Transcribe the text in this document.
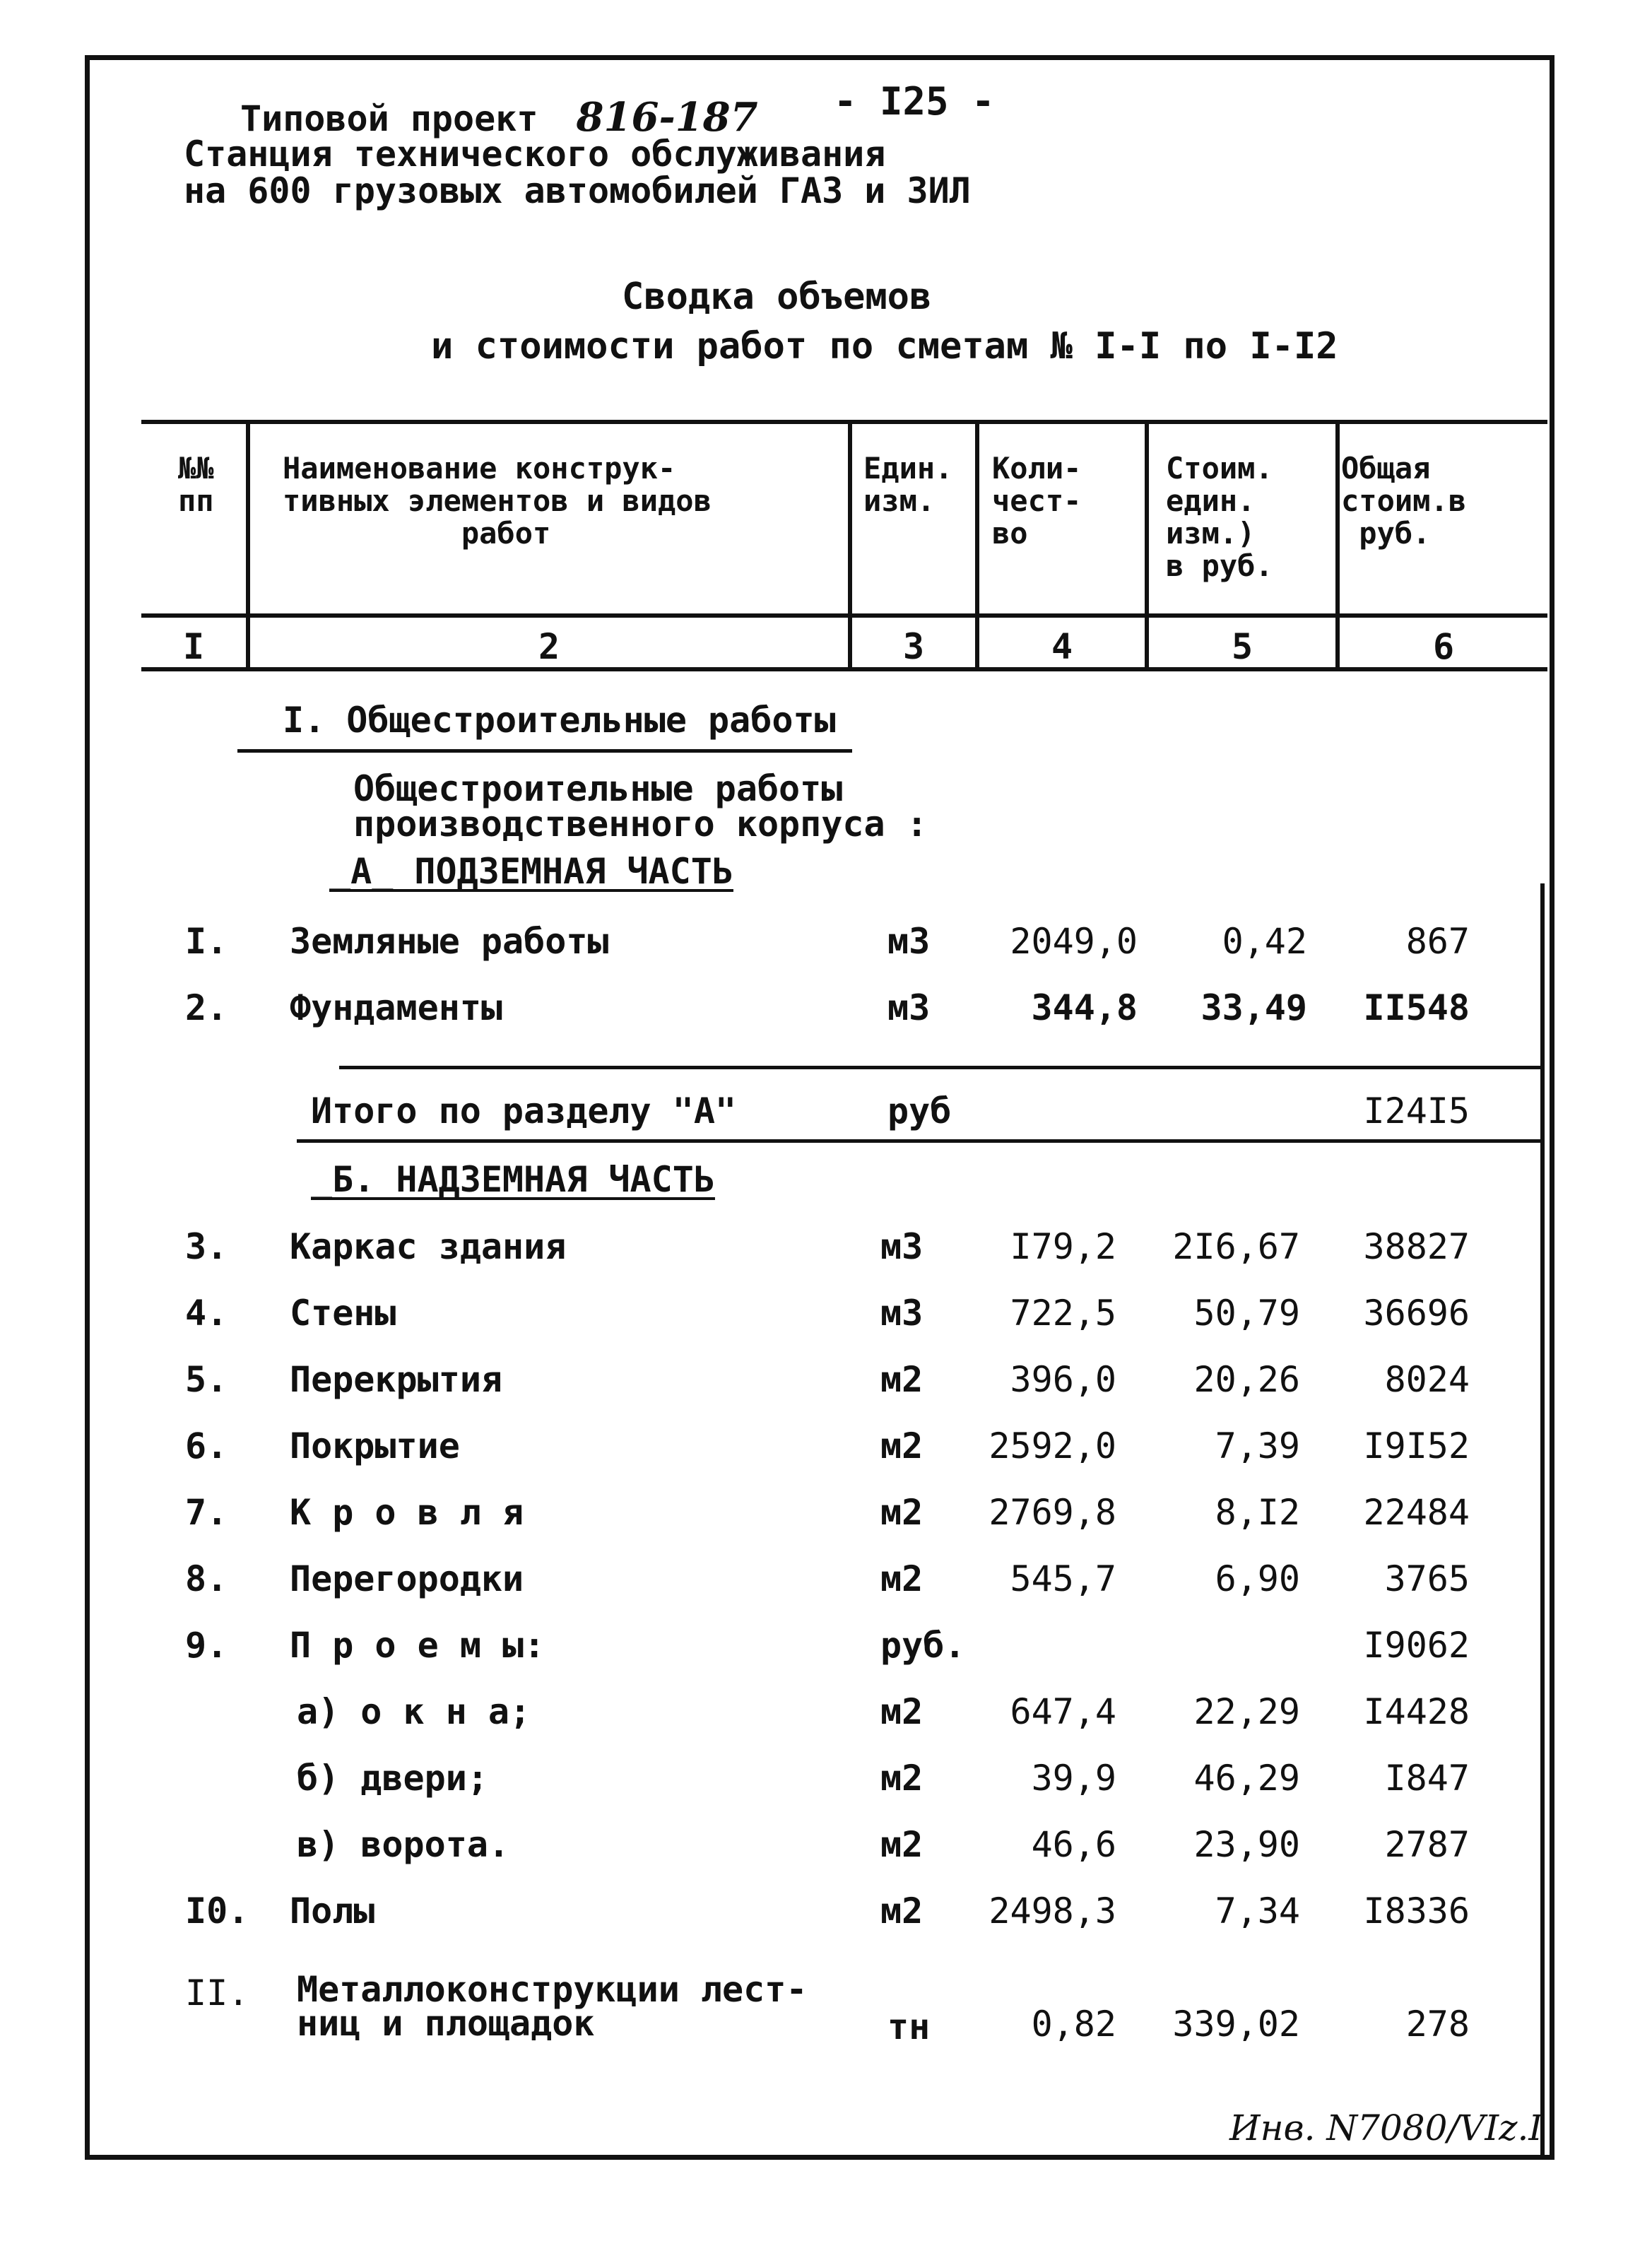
Типовой проект 816-187 - I25 -
Станция технического обслуживания
на 600 грузовых автомобилей ГАЗ и ЗИЛ
Сводка объемов
и стоимости работ по сметам № I-I по I-I2
№№
пп
Наименование конструк-
тивных элементов и видов
работ
Един.
изм.
Коли-
чест-
во
Стоим.
един.
изм.)
в руб.
Общая
стоим.в
руб.
I	2	3	4	5	6
I. Общестроительные работы
Общестроительные работы
производственного корпуса :
_А_ ПОДЗЕМНАЯ ЧАСТЬ
I. Земляные работы	м3	2049,0	0,42	867
2. Фундаменты	м3	344,8	33,49	II548
Итого по разделу "А"	руб	I24I5
_Б. НАДЗЕМНАЯ ЧАСТЬ
3. Каркас здания	м3	I79,2	2I6,67	38827
4. Стены	м3	722,5	50,79	36696
5. Перекрытия	м2	396,0	20,26	8024
6. Покрытие	м2	2592,0	7,39	I9I52
7. К р о в л я	м2	2769,8	8,I2	22484
8. Перегородки	м2	545,7	6,90	3765
9. П р о е м ы:	руб.	I9062
а) о к н а;	м2	647,4	22,29	I4428
б) двери;	м2	39,9	46,29	I847
в) ворота.	м2	46,6	23,90	2787
I0. Полы	м2	2498,3	7,34	I8336
II. Металлоконструкции лест-
ниц и площадок	тн	0,82	339,02	278
Инв. N7080/VIz.I
